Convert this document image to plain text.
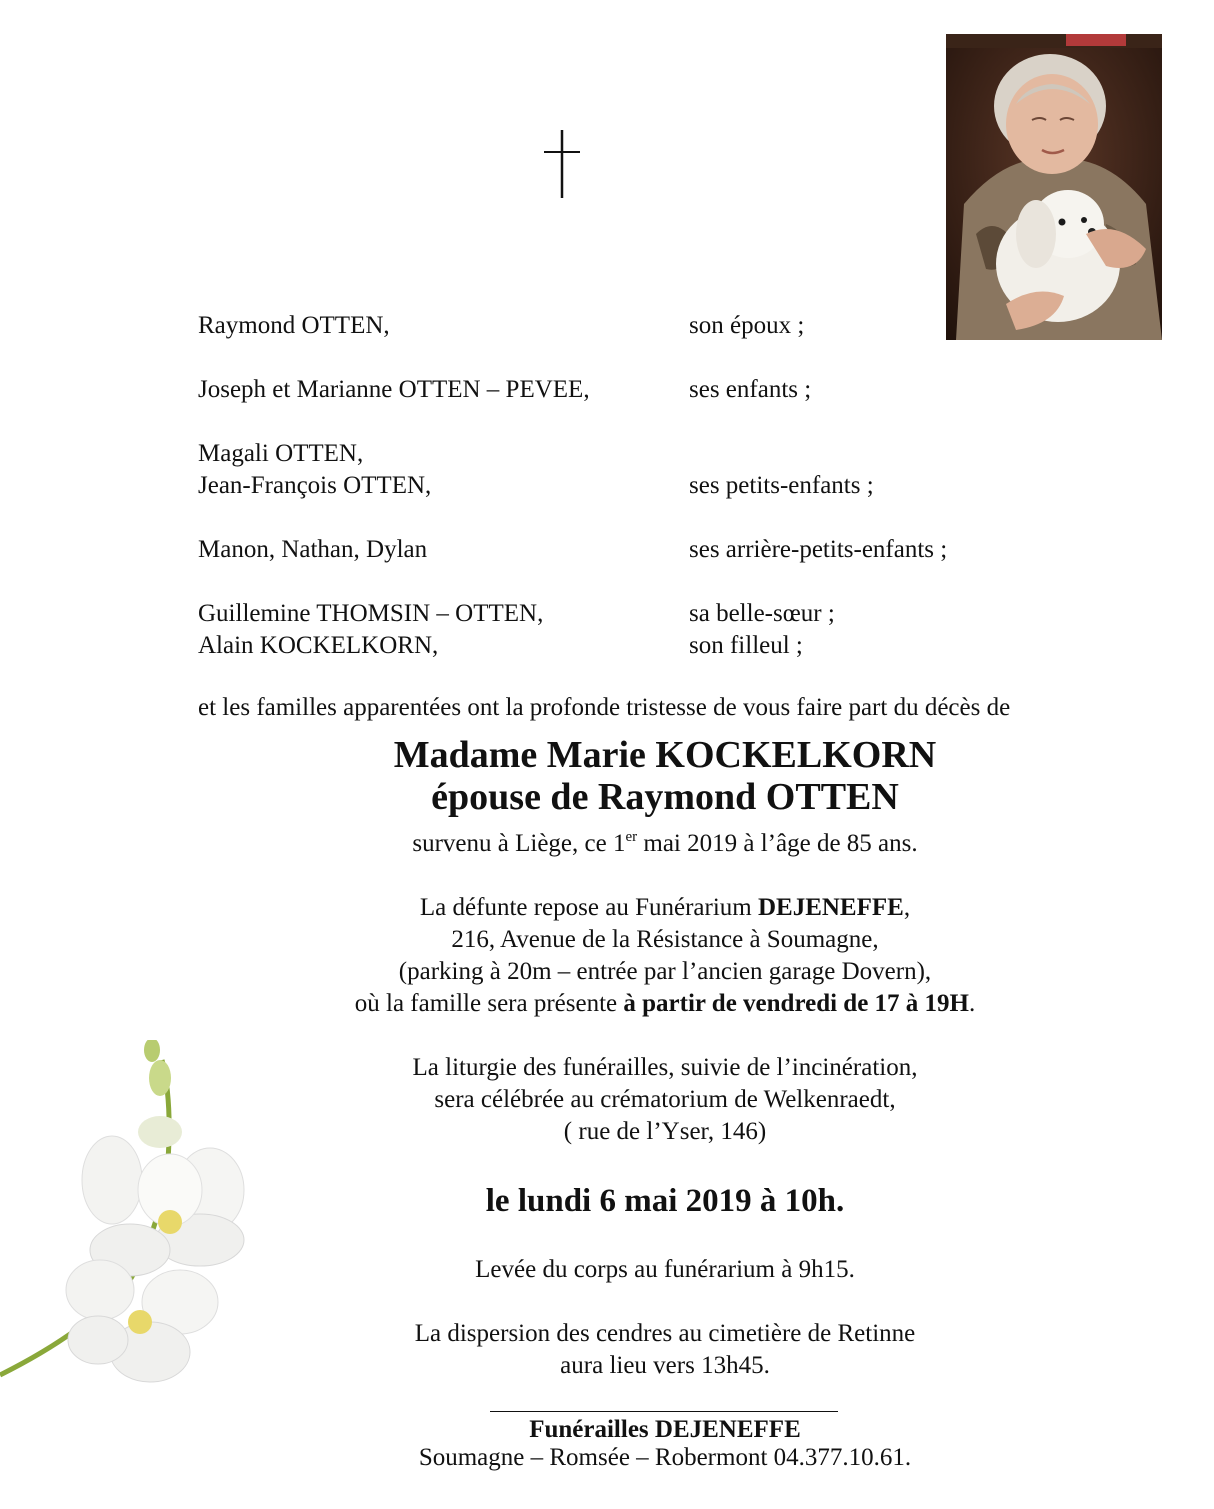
Raymond OTTEN,	son époux ;
Joseph et Marianne OTTEN – PEVEE,	ses enfants ;
Magali OTTEN,
Jean-François OTTEN,	ses petits-enfants ;
Manon, Nathan, Dylan	ses arrière-petits-enfants ;
Guillemine THOMSIN – OTTEN,	sa belle-sœur ;
Alain KOCKELKORN,	son filleul ;
et les familles apparentées ont la profonde tristesse de vous faire part du décès de
Madame Marie KOCKELKORN
épouse de Raymond OTTEN
survenu à Liège, ce 1er mai 2019 à l’âge de 85 ans.
La défunte repose au Funérarium DEJENEFFE,
216, Avenue de la Résistance à Soumagne,
(parking à 20m – entrée par l’ancien garage Dovern),
où la famille sera présente à partir de vendredi de 17 à 19H.
La liturgie des funérailles, suivie de l’incinération,
sera célébrée au crématorium de Welkenraedt,
( rue de l’Yser, 146)
le lundi 6 mai 2019 à 10h.
Levée du corps au funérarium à 9h15.
La dispersion des cendres au cimetière de Retinne
aura lieu vers 13h45.
Funérailles DEJENEFFE
Soumagne – Romsée – Robermont 04.377.10.61.
